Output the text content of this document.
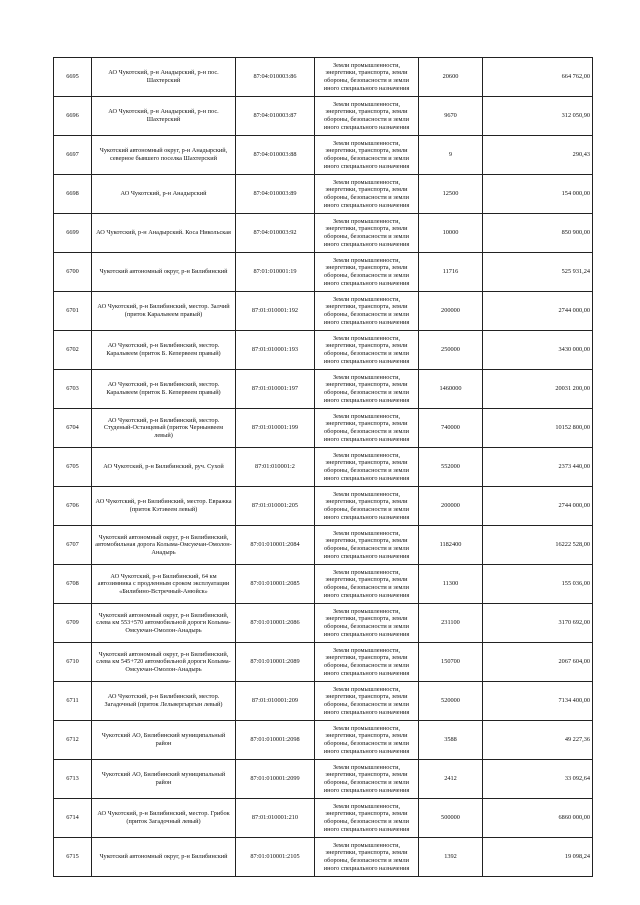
6695	АО Чукотский, р-н Анадырский, р-н пос. Шахтерский	87:04:010003:86	Земли промышленности, энергетики, транспорта, земли обороны, безопасности и земли иного специального назначения	20600	664 762,00
6696	АО Чукотский, р-н Анадырский, р-н пос. Шахтерский	87:04:010003:87	Земли промышленности, энергетики, транспорта, земли обороны, безопасности и земли иного специального назначения	9670	312 050,90
6697	Чукотский автономный округ, р-н Анадырский, северное бывшего поселка Шахтерский	87:04:010003:88	Земли промышленности, энергетики, транспорта, земли обороны, безопасности и земли иного специального назначения	9	290,43
6698	АО Чукотский, р-н Анадырский	87:04:010003:89	Земли промышленности, энергетики, транспорта, земли обороны, безопасности и земли иного специального назначения	12500	154 000,00
6699	АО Чукотский, р-н Анадырский. Коса Никольская	87:04:010003:92	Земли промышленности, энергетики, транспорта, земли обороны, безопасности и земли иного специального назначения	10000	850 900,00
6700	Чукотский автономный округ, р-н Билибинский	87:01:010001:19	Земли промышленности, энергетики, транспорта, земли обороны, безопасности и земли иного специального назначения	11716	525 931,24
6701	АО Чукотский, р-н Билибинский, местор. Залчий (приток Каральвеем правый)	87:01:010001:192	Земли промышленности, энергетики, транспорта, земли обороны, безопасности и земли иного специального назначения	200000	2744 000,00
6702	АО Чукотский, р-н Билибинский, местор. Каральвеем (приток Б. Кепервеем правый)	87:01:010001:193	Земли промышленности, энергетики, транспорта, земли обороны, безопасности и земли иного специального назначения	250000	3430 000,00
6703	АО Чукотский, р-н Билибинский, местор. Каральвеем (приток Б. Кепервеем правый)	87:01:010001:197	Земли промышленности, энергетики, транспорта, земли обороны, безопасности и земли иного специального назначения	1460000	20031 200,00
6704	АО Чукотский, р-н Билибинский, местор. Студеный-Останцевый (приток Чернынвеем левый)	87:01:010001:199	Земли промышленности, энергетики, транспорта, земли обороны, безопасности и земли иного специального назначения	740000	10152 800,00
6705	АО Чукотский, р-н Билибинский, руч. Сухой	87:01:010001:2	Земли промышленности, энергетики, транспорта, земли обороны, безопасности и земли иного специального назначения	552000	2373 440,00
6706	АО Чукотский, р-н Билибинский, местор. Евражка (приток Кэтэвеем левый)	87:01:010001:205	Земли промышленности, энергетики, транспорта, земли обороны, безопасности и земли иного специального назначения	200000	2744 000,00
6707	Чукотский автономный округ, р-н Билибинский, автомобильная дорога Колыма-Омсукчан-Омолон-Анадырь	87:01:010001:2084	Земли промышленности, энергетики, транспорта, земли обороны, безопасности и земли иного специального назначения	1182400	16222 528,00
6708	АО Чукотский, р-н Билибинский, 64 км автозимника с продленным сроком эксплуатации «Билибино-Встречный-Анюйск»	87:01:010001:2085	Земли промышленности, энергетики, транспорта, земли обороны, безопасности и земли иного специального назначения	11300	155 036,00
6709	Чукотский автономный округ, р-н Билибинский, слева км 553+570 автомобильной дороги Колыма-Омсукчан-Омолон-Анадырь	87:01:010001:2086	Земли промышленности, энергетики, транспорта, земли обороны, безопасности и земли иного специального назначения	231100	3170 692,00
6710	Чукотский автономный округ, р-н Билибинский, слева км 545+720 автомобильной дороги Колыма-Омсукчан-Омолон-Анадырь	87:01:010001:2089	Земли промышленности, энергетики, транспорта, земли обороны, безопасности и земли иного специального назначения	150700	2067 604,00
6711	АО Чукотский, р-н Билибинский, местор. Загадочный (приток Лельвергыргын левый)	87:01:010001:209	Земли промышленности, энергетики, транспорта, земли обороны, безопасности и земли иного специального назначения	520000	7134 400,00
6712	Чукотский АО, Билибинский муниципальный район	87:01:010001:2098	Земли промышленности, энергетики, транспорта, земли обороны, безопасности и земли иного специального назначения	3588	49 227,36
6713	Чукотский АО, Билибинский муниципальный район	87:01:010001:2099	Земли промышленности, энергетики, транспорта, земли обороны, безопасности и земли иного специального назначения	2412	33 092,64
6714	АО Чукотский, р-н Билибинский, местор. Грибок (приток Загадочный левый)	87:01:010001:210	Земли промышленности, энергетики, транспорта, земли обороны, безопасности и земли иного специального назначения	500000	6860 000,00
6715	Чукотский автономный округ, р-н Билибинский	87:01:010001:2105	Земли промышленности, энергетики, транспорта, земли обороны, безопасности и земли иного специального назначения	1392	19 098,24
